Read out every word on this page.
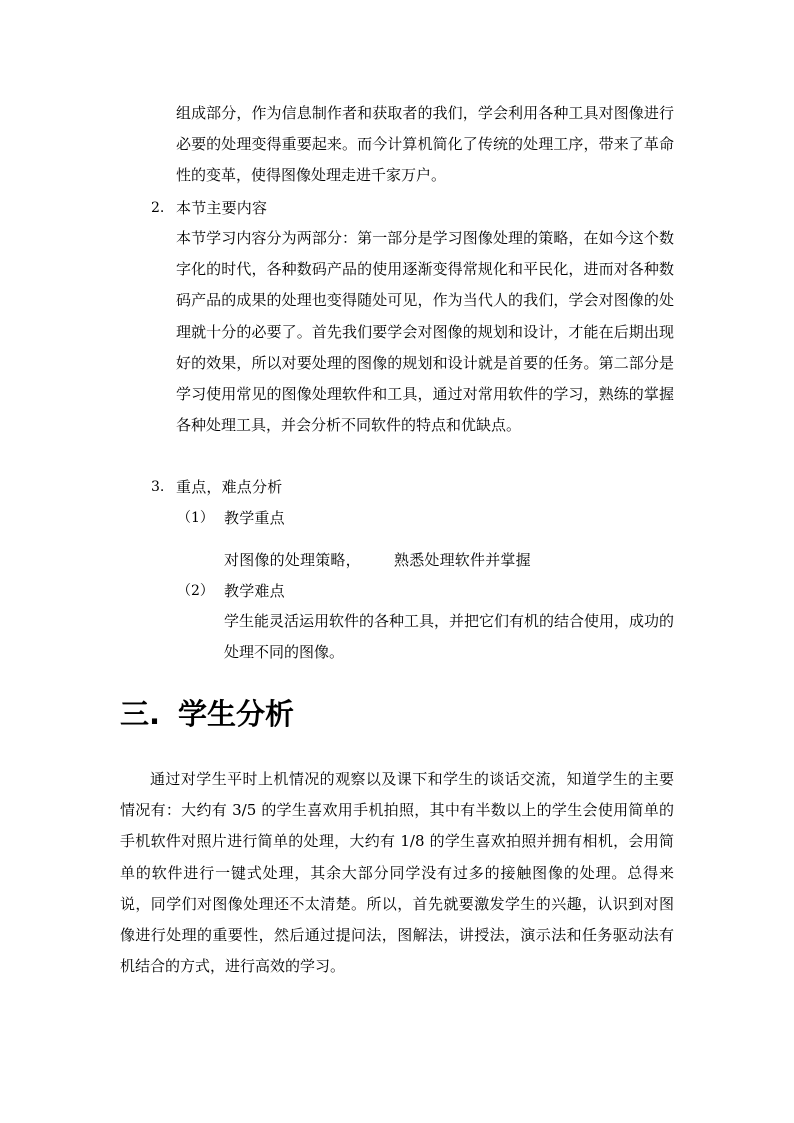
组成部分，作为信息制作者和获取者的我们，学会利用各种工具对图像进行必要的处理变得重要起来。而今计算机简化了传统的处理工序，带来了革命性的变革，使得图像处理走进千家万户。
2. 本节主要内容
本节学习内容分为两部分：第一部分是学习图像处理的策略，在如今这个数字化的时代，各种数码产品的使用逐渐变得常规化和平民化，进而对各种数码产品的成果的处理也变得随处可见，作为当代人的我们，学会对图像的处理就十分的必要了。首先我们要学会对图像的规划和设计，才能在后期出现好的效果，所以对要处理的图像的规划和设计就是首要的任务。第二部分是学习使用常见的图像处理软件和工具，通过对常用软件的学习，熟练的掌握各种处理工具，并会分析不同软件的特点和优缺点。
3. 重点，难点分析
（1） 教学重点
对图像的处理策略， 熟悉处理软件并掌握
（2） 教学难点
学生能灵活运用软件的各种工具，并把它们有机的结合使用，成功的处理不同的图像。
三. 学生分析
通过对学生平时上机情况的观察以及课下和学生的谈话交流，知道学生的主要情况有：大约有 3/5 的学生喜欢用手机拍照，其中有半数以上的学生会使用简单的手机软件对照片进行简单的处理，大约有 1/8 的学生喜欢拍照并拥有相机，会用简单的软件进行一键式处理，其余大部分同学没有过多的接触图像的处理。总得来说，同学们对图像处理还不太清楚。所以，首先就要激发学生的兴趣，认识到对图像进行处理的重要性，然后通过提问法，图解法，讲授法，演示法和任务驱动法有机结合的方式，进行高效的学习。
